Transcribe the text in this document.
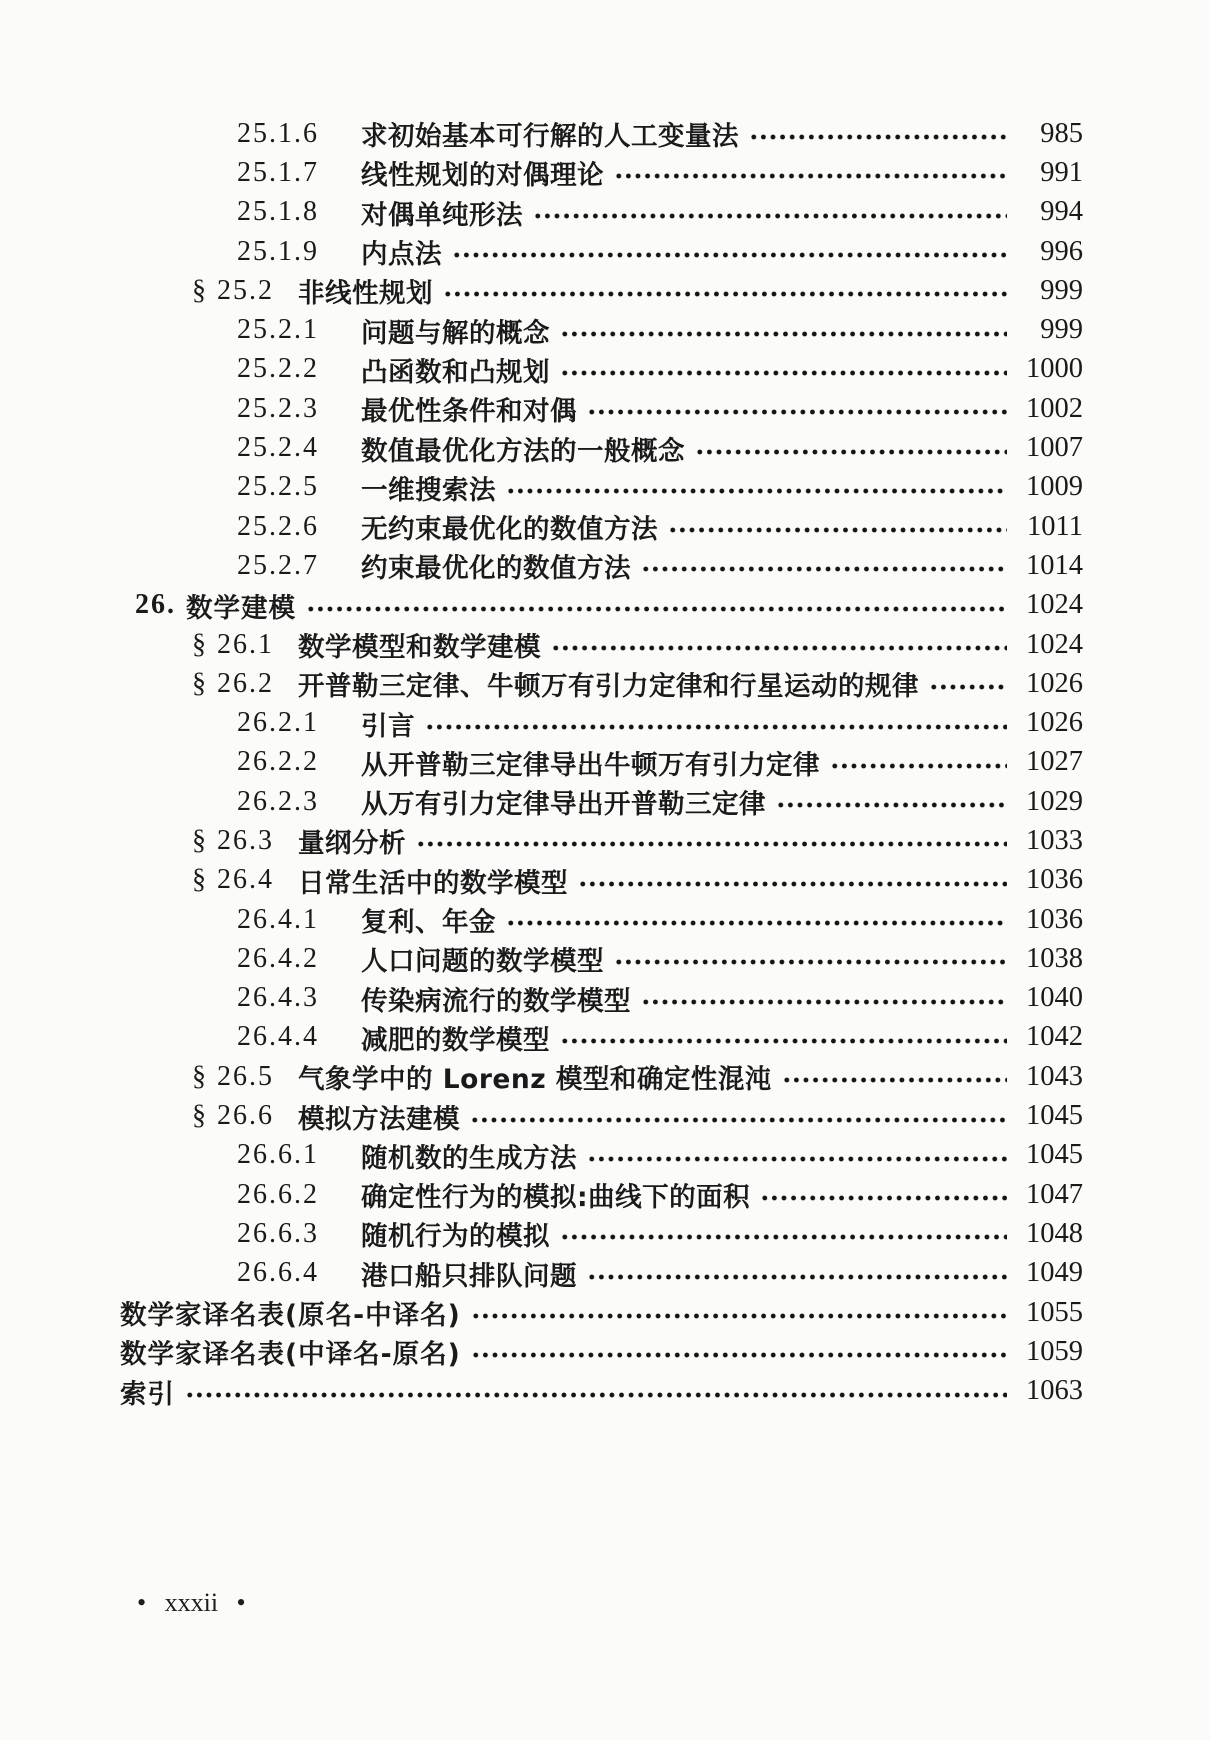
25.1.6	求初始基本可行解的人工变量法	985
25.1.7	线性规划的对偶理论	991
25.1.8	对偶单纯形法	994
25.1.9	内点法	996
§ 25.2 非线性规划	999
25.2.1	问题与解的概念	999
25.2.2	凸函数和凸规划	1000
25.2.3	最优性条件和对偶	1002
25.2.4	数值最优化方法的一般概念	1007
25.2.5	一维搜索法	1009
25.2.6	无约束最优化的数值方法	1011
25.2.7	约束最优化的数值方法	1014
26. 数学建模	1024
§ 26.1 数学模型和数学建模	1024
§ 26.2 开普勒三定律、牛顿万有引力定律和行星运动的规律	1026
26.2.1	引言	1026
26.2.2	从开普勒三定律导出牛顿万有引力定律	1027
26.2.3	从万有引力定律导出开普勒三定律	1029
§ 26.3 量纲分析	1033
§ 26.4 日常生活中的数学模型	1036
26.4.1	复利、年金	1036
26.4.2	人口问题的数学模型	1038
26.4.3	传染病流行的数学模型	1040
26.4.4	减肥的数学模型	1042
§ 26.5 气象学中的 Lorenz 模型和确定性混沌	1043
§ 26.6 模拟方法建模	1045
26.6.1	随机数的生成方法	1045
26.6.2	确定性行为的模拟:曲线下的面积	1047
26.6.3	随机行为的模拟	1048
26.6.4	港口船只排队问题	1049
数学家译名表(原名-中译名)	1055
数学家译名表(中译名-原名)	1059
索引	1063
• xxxii •
